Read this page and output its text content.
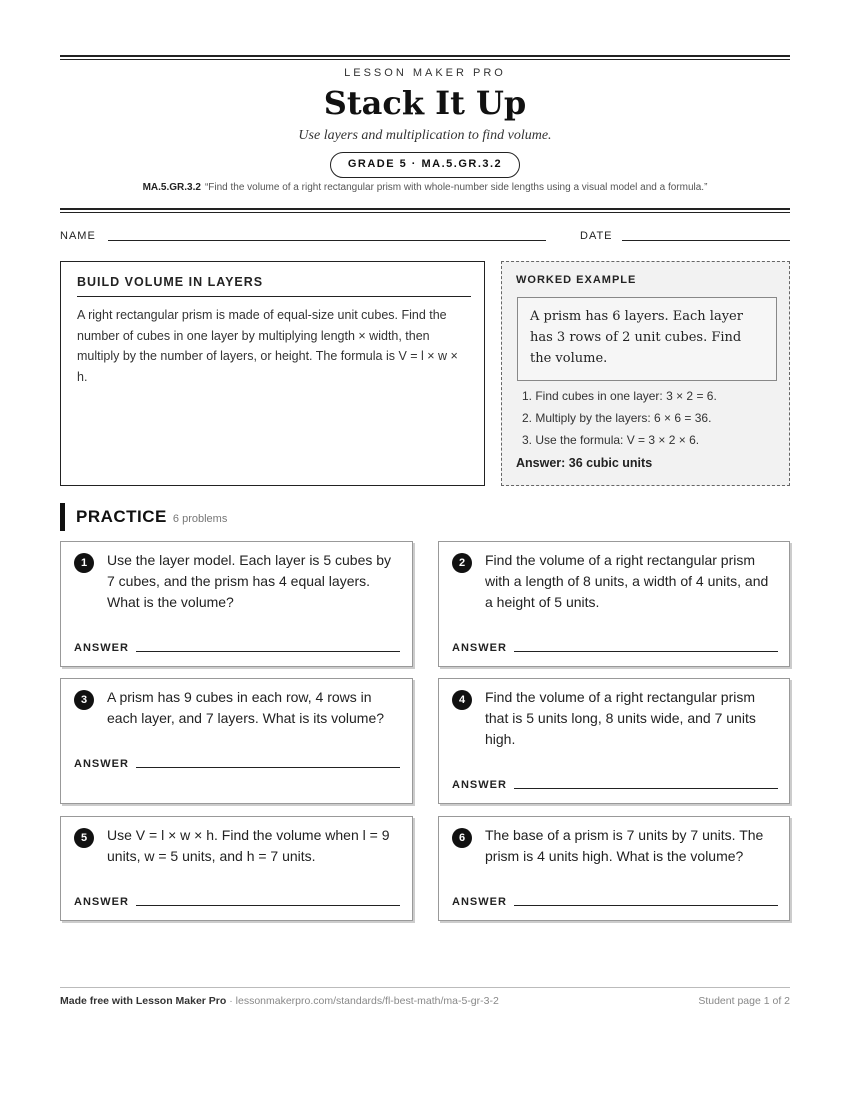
LESSON MAKER PRO
Stack It Up
Use layers and multiplication to find volume.
GRADE 5 · MA.5.GR.3.2
MA.5.GR.3.2 “Find the volume of a right rectangular prism with whole-number side lengths using a visual model and a formula.”
NAME	DATE
BUILD VOLUME IN LAYERS
A right rectangular prism is made of equal-size unit cubes. Find the number of cubes in one layer by multiplying length × width, then multiply by the number of layers, or height. The formula is V = l × w × h.
WORKED EXAMPLE
A prism has 6 layers. Each layer has 3 rows of 2 unit cubes. Find the volume.
1. Find cubes in one layer: 3 × 2 = 6.
2. Multiply by the layers: 6 × 6 = 36.
3. Use the formula: V = 3 × 2 × 6.
Answer: 36 cubic units
PRACTICE 6 problems
1	Use the layer model. Each layer is 5 cubes by 7 cubes, and the prism has 4 equal layers. What is the volume?
ANSWER
2	Find the volume of a right rectangular prism with a length of 8 units, a width of 4 units, and a height of 5 units.
ANSWER
3	A prism has 9 cubes in each row, 4 rows in each layer, and 7 layers. What is its volume?
ANSWER
4	Find the volume of a right rectangular prism that is 5 units long, 8 units wide, and 7 units high.
ANSWER
5	Use V = l × w × h. Find the volume when l = 9 units, w = 5 units, and h = 7 units.
ANSWER
6	The base of a prism is 7 units by 7 units. The prism is 4 units high. What is the volume?
ANSWER
Made free with Lesson Maker Pro · lessonmakerpro.com/standards/fl-best-math/ma-5-gr-3-2	Student page 1 of 2
